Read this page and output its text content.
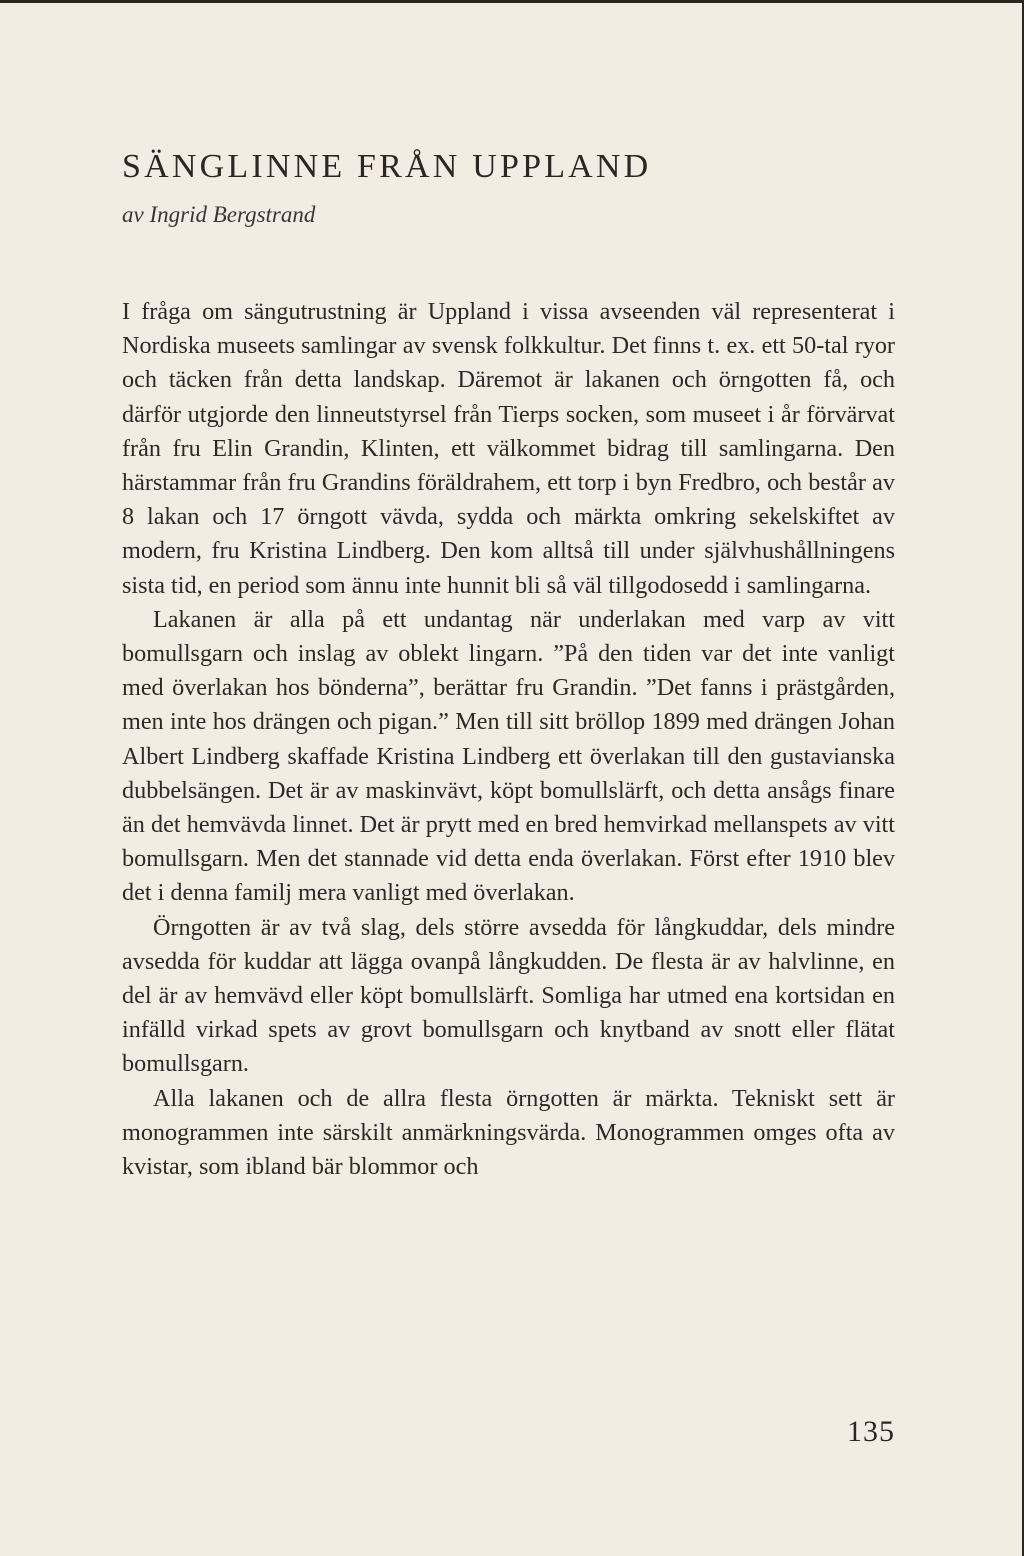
SÄNGLINNE FRÅN UPPLAND

av Ingrid Bergstrand

I fråga om sängutrustning är Uppland i vissa avseenden väl representerat i Nordiska museets samlingar av svensk folkkultur. Det finns t. ex. ett 50-tal ryor och täcken från detta landskap. Däremot är lakanen och örngotten få, och därför utgjorde den linneutstyrsel från Tierps socken, som museet i år förvärvat från fru Elin Grandin, Klinten, ett välkommet bidrag till samlingarna. Den härstammar från fru Grandins föräldrahem, ett torp i byn Fredbro, och består av 8 lakan och 17 örngott vävda, sydda och märkta omkring sekelskiftet av modern, fru Kristina Lindberg. Den kom alltså till under självhushållningens sista tid, en period som ännu inte hunnit bli så väl tillgodosedd i samlingarna.

Lakanen är alla på ett undantag när underlakan med varp av vitt bomullsgarn och inslag av oblekt lingarn. ”På den tiden var det inte vanligt med överlakan hos bönderna”, berättar fru Grandin. ”Det fanns i prästgården, men inte hos drängen och pigan.” Men till sitt bröllop 1899 med drängen Johan Albert Lindberg skaffade Kristina Lindberg ett överlakan till den gustavianska dubbelsängen. Det är av maskinvävt, köpt bomullslärft, och detta ansågs finare än det hemvävda linnet. Det är prytt med en bred hemvirkad mellanspets av vitt bomullsgarn. Men det stannade vid detta enda överlakan. Först efter 1910 blev det i denna familj mera vanligt med överlakan.

Örngotten är av två slag, dels större avsedda för långkuddar, dels mindre avsedda för kuddar att lägga ovanpå långkudden. De flesta är av halvlinne, en del är av hemvävd eller köpt bomullslärft. Somliga har utmed ena kortsidan en infälld virkad spets av grovt bomullsgarn och knytband av snott eller flätat bomullsgarn.

Alla lakanen och de allra flesta örngotten är märkta. Tekniskt sett är monogrammen inte särskilt anmärkningsvärda. Monogrammen omges ofta av kvistar, som ibland bär blommor och

135
